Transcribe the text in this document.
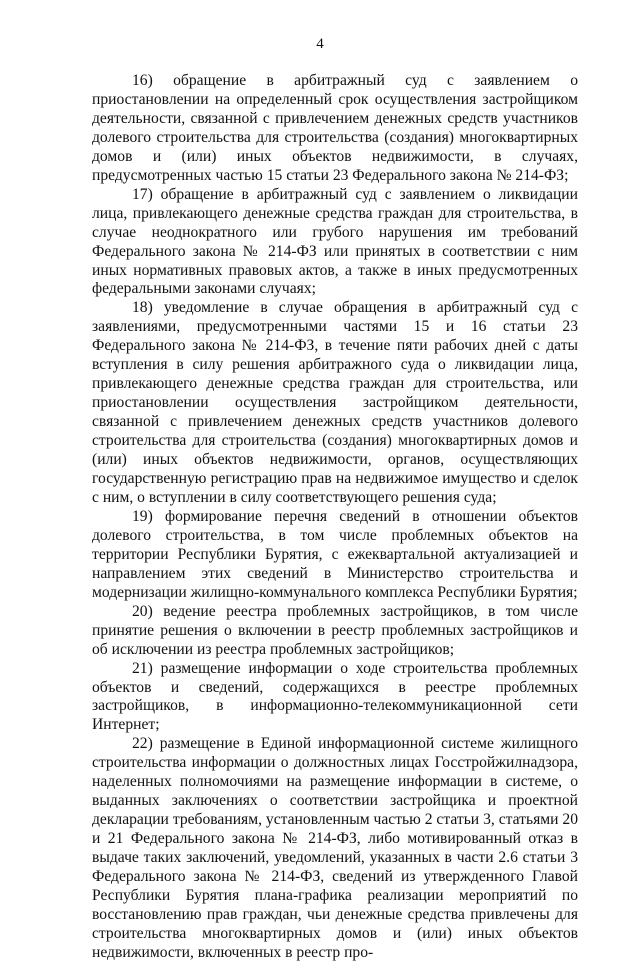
4

16) обращение в арбитражный суд с заявлением о приостановлении на определенный срок осуществления застройщиком деятельности, связанной с привлечением денежных средств участников долевого строительства для строительства (создания) многоквартирных домов и (или) иных объектов недвижимости, в случаях, предусмотренных частью 15 статьи 23 Федерального закона № 214-ФЗ;

17) обращение в арбитражный суд с заявлением о ликвидации лица, привлекающего денежные средства граждан для строительства, в случае неоднократного или грубого нарушения им требований Федерального закона № 214-ФЗ или принятых в соответствии с ним иных нормативных правовых актов, а также в иных предусмотренных федеральными законами случаях;

18) уведомление в случае обращения в арбитражный суд с заявлениями, предусмотренными частями 15 и 16 статьи 23 Федерального закона № 214-ФЗ, в течение пяти рабочих дней с даты вступления в силу решения арбитражного суда о ликвидации лица, привлекающего денежные средства граждан для строительства, или приостановлении осуществления застройщиком деятельности, связанной с привлечением денежных средств участников долевого строительства для строительства (создания) многоквартирных домов и (или) иных объектов недвижимости, органов, осуществляющих государственную регистрацию прав на недвижимое имущество и сделок с ним, о вступлении в силу соответствующего решения суда;

19) формирование перечня сведений в отношении объектов долевого строительства, в том числе проблемных объектов на территории Республики Бурятия, с ежеквартальной актуализацией и направлением этих сведений в Министерство строительства и модернизации жилищно-коммунального комплекса Республики Бурятия;

20) ведение реестра проблемных застройщиков, в том числе принятие решения о включении в реестр проблемных застройщиков и об исключении из реестра проблемных застройщиков;

21) размещение информации о ходе строительства проблемных объектов и сведений, содержащихся в реестре проблемных застройщиков, в информационно-телекоммуникационной сети Интернет;

22) размещение в Единой информационной системе жилищного строительства информации о должностных лицах Госстройжилнадзора, наделенных полномочиями на размещение информации в системе, о выданных заключениях о соответствии застройщика и проектной декларации требованиям, установленным частью 2 статьи 3, статьями 20 и 21 Федерального закона № 214-ФЗ, либо мотивированный отказ в выдаче таких заключений, уведомлений, указанных в части 2.6 статьи 3 Федерального закона № 214-ФЗ, сведений из утвержденного Главой Республики Бурятия плана-графика реализации мероприятий по восстановлению прав граждан, чьи денежные средства привлечены для строительства многоквартирных домов и (или) иных объектов недвижимости, включенных в реестр про-
